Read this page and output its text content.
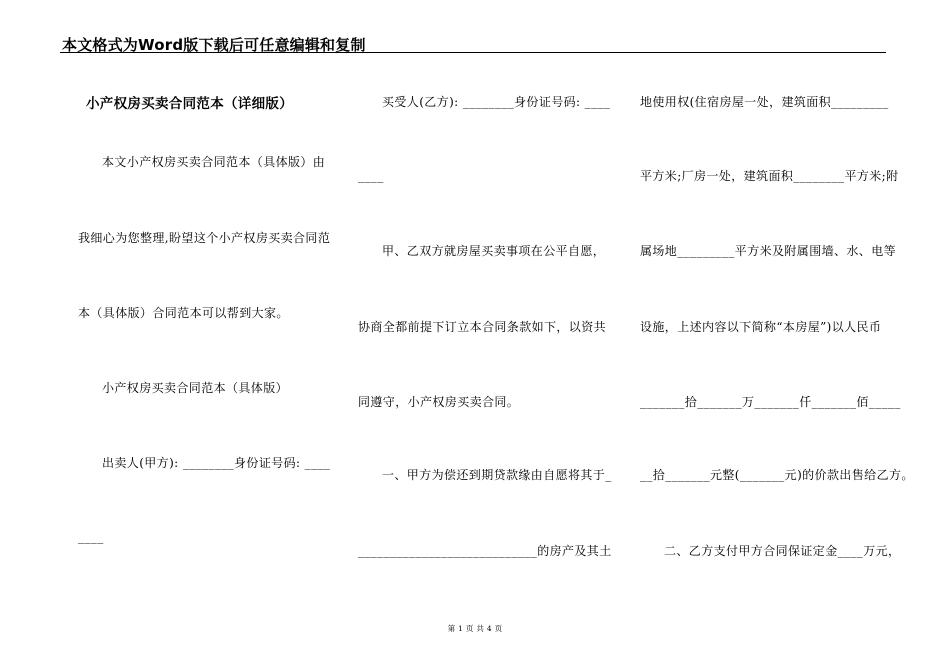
本文格式为Word版下载后可任意编辑和复制
小产权房买卖合同范本（详细版）
本文小产权房买卖合同范本（具体版）由
我细心为您整理,盼望这个小产权房买卖合同范
本（具体版）合同范本可以帮到大家。
小产权房买卖合同范本（具体版）
出卖人(甲方): ________身份证号码: ____
____
买受人(乙方): ________身份证号码: ____
____
甲、乙双方就房屋买卖事项在公平自愿，
协商全都前提下订立本合同条款如下，以资共
同遵守，小产权房买卖合同。
一、甲方为偿还到期贷款缘由自愿将其于_
____________________________的房产及其土
地使用权(住宿房屋一处，建筑面积_________
平方米;厂房一处，建筑面积________平方米;附
属场地_________平方米及附属围墙、水、电等
设施，上述内容以下简称“本房屋”)以人民币
_______拾_______万_______仟_______佰_____
__拾_______元整(_______元)的价款出售给乙方。
二、乙方支付甲方合同保证定金____万元，
第 1 页 共 4 页
